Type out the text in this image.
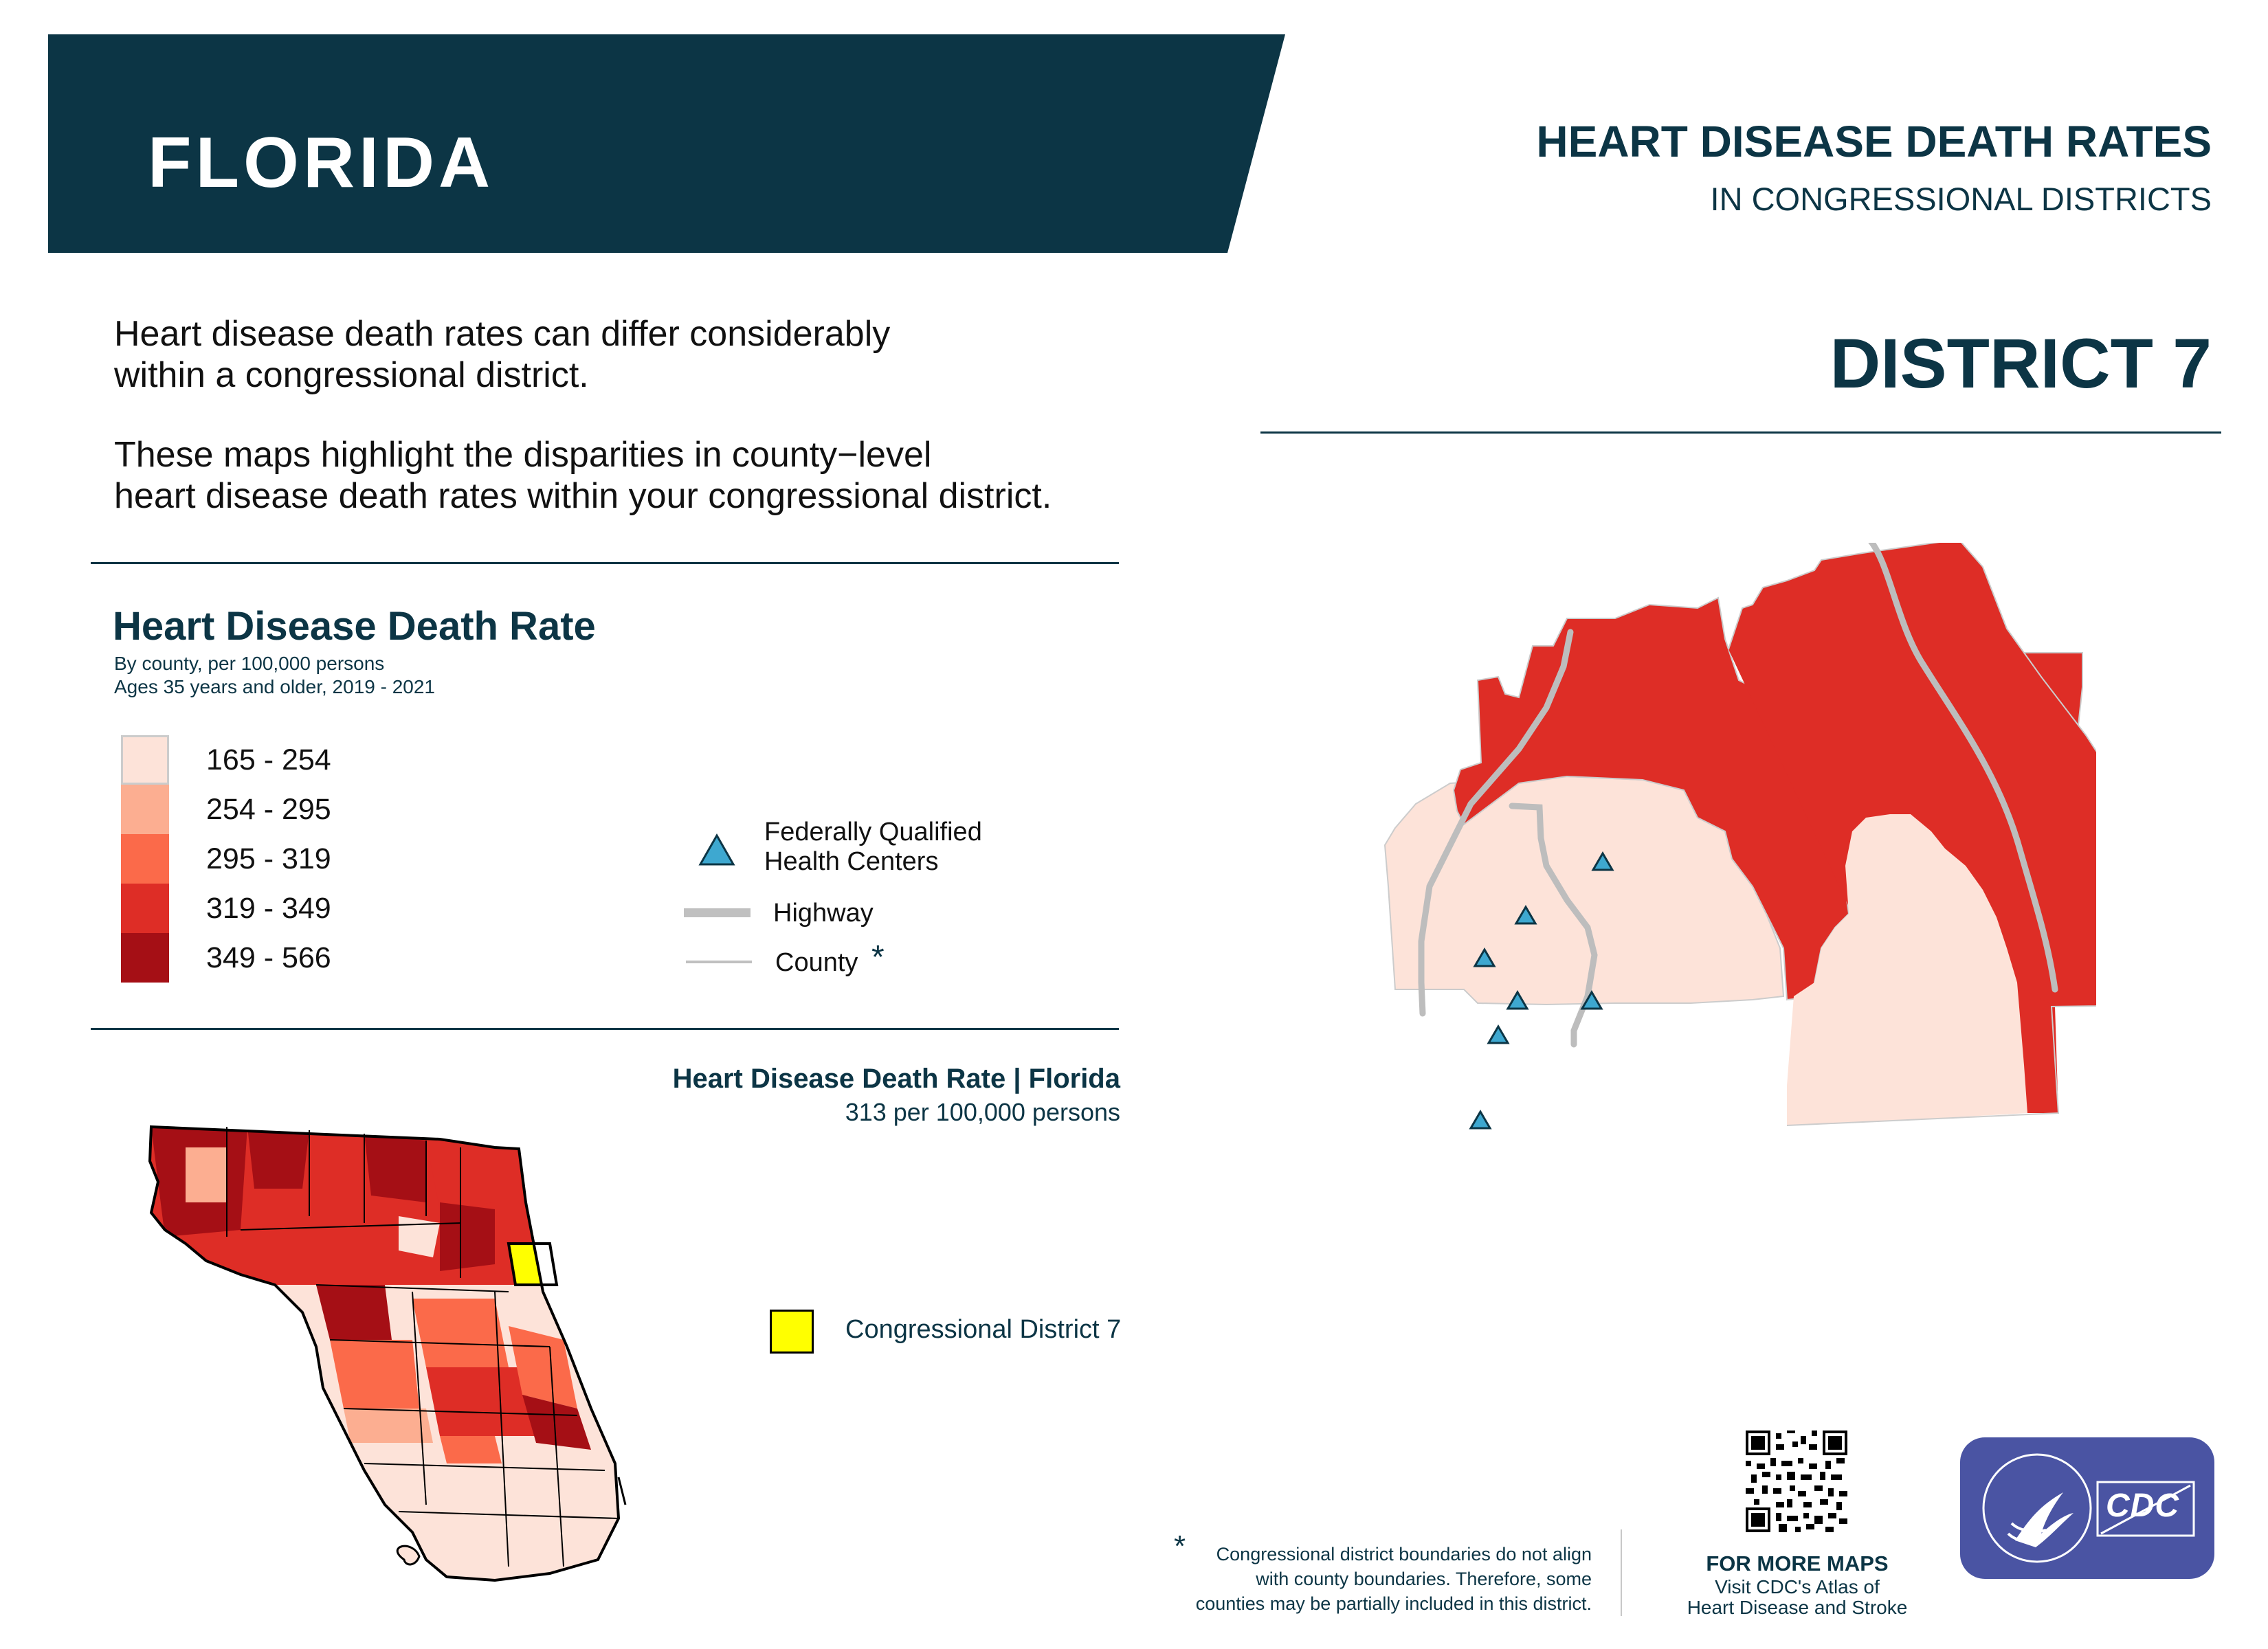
FLORIDA	HEART DISEASE DEATH RATES
IN CONGRESSIONAL DISTRICTS
DISTRICT 7
Heart disease death rates can differ considerably
within a congressional district.
These maps highlight the disparities in county−level
heart disease death rates within your congressional district.
Heart Disease Death Rate
By county, per 100,000 persons
Ages 35 years and older, 2019 - 2021
165 - 254
254 - 295
295 - 319
319 - 349
349 - 566
Federally Qualified
Health Centers
Highway
County *
Heart Disease Death Rate | Florida
313 per 100,000 persons
Congressional District 7
*	Congressional district boundaries do not align
with county boundaries. Therefore, some
counties may be partially included in this district.
FOR MORE MAPS
Visit CDC's Atlas of
Heart Disease and Stroke
CDC
